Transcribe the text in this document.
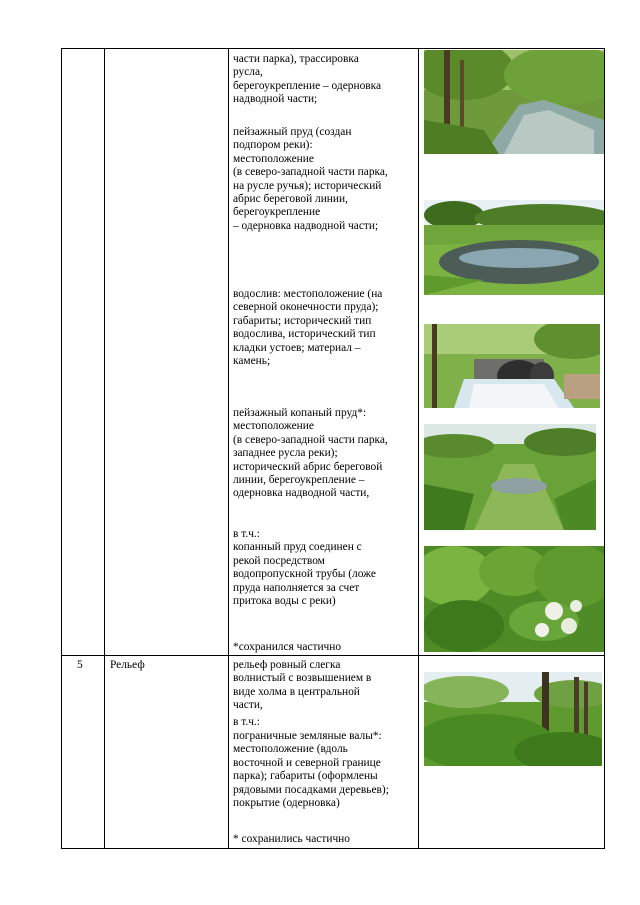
части парка), трассировка
русла,
берегоукрепление – одерновка
надводной части;
пейзажный пруд (создан
подпором реки):
местоположение
(в северо-западной части парка,
на руслe ручья); исторический
абрис береговой линии,
берегоукрепление
– одерновка надводной части;
водослив: местоположение (на
северной оконечности пруда);
габариты; исторический тип
водослива, исторический тип
кладки устоев; материал –
камень;
пейзажный копаный пруд*:
местоположение
(в северо-западной части парка,
западнее русла реки);
исторический абрис береговой
линии, берегоукрепление –
одерновка надводной части,
в т.ч.:
копанный пруд соединен с
рекой посредством
водопропускной трубы (ложе
пруда наполняется за счет
притока воды с реки)
*сохранился частично
5 Рельеф	рельеф ровный слегка
волнистый с возвышением в
виде холма в центральной
части,
в т.ч.:
пограничные земляные валы*:
местоположение (вдоль
восточной и северной границе
парка); габариты (оформлены
рядовыми посадками деревьев);
покрытие (одерновка)
* сохранились частично
